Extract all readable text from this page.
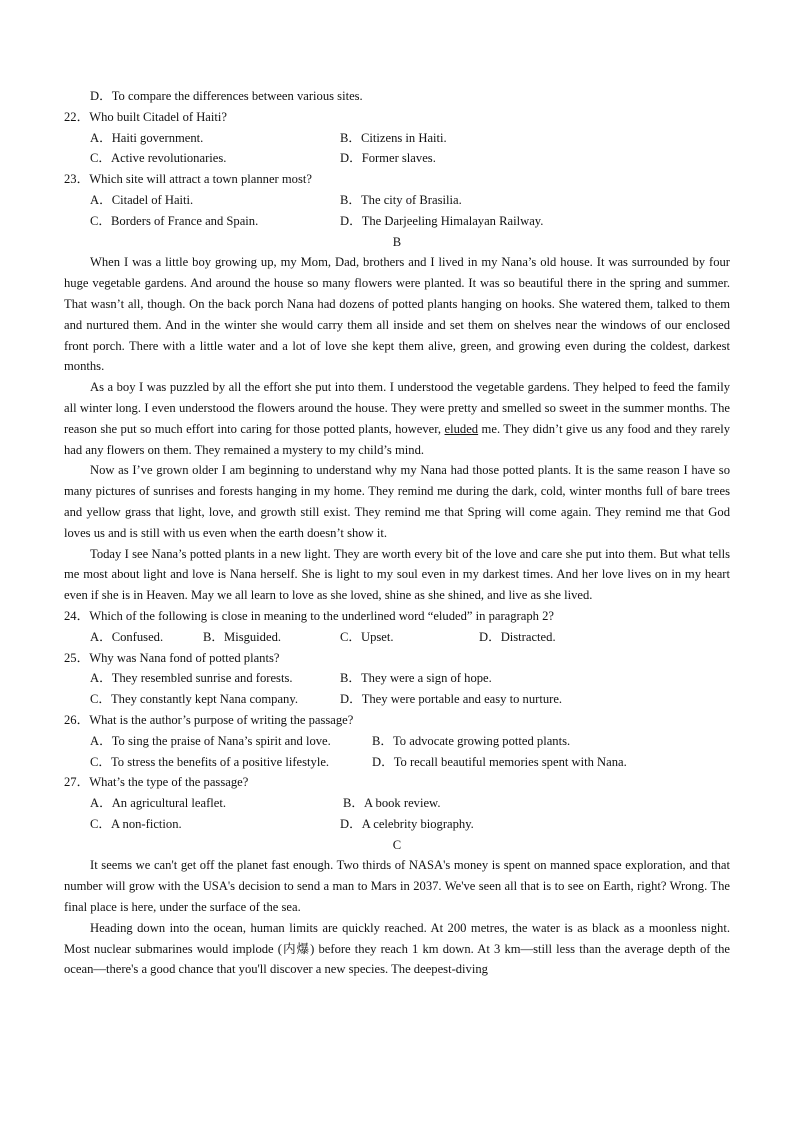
D．To compare the differences between various sites.
22．Who built Citadel of Haiti?
A．Haiti government.	B．Citizens in Haiti.
C．Active revolutionaries.	D．Former slaves.
23．Which site will attract a town planner most?
A．Citadel of Haiti.	B．The city of Brasilia.
C．Borders of France and Spain.	D．The Darjeeling Himalayan Railway.
B

When I was a little boy growing up, my Mom, Dad, brothers and I lived in my Nana’s old house. It was surrounded by four huge vegetable gardens. And around the house so many flowers were planted. It was so beautiful there in the spring and summer. That wasn’t all, though. On the back porch Nana had dozens of potted plants hanging on hooks. She watered them, talked to them and nurtured them. And in the winter she would carry them all inside and set them on shelves near the windows of our enclosed front porch. There with a little water and a lot of love she kept them alive, green, and growing even during the coldest, darkest months.

As a boy I was puzzled by all the effort she put into them. I understood the vegetable gardens. They helped to feed the family all winter long. I even understood the flowers around the house. They were pretty and smelled so sweet in the summer months. The reason she put so much effort into caring for those potted plants, however, eluded me. They didn’t give us any food and they rarely had any flowers on them. They remained a mystery to my child’s mind.

Now as I’ve grown older I am beginning to understand why my Nana had those potted plants. It is the same reason I have so many pictures of sunrises and forests hanging in my home. They remind me during the dark, cold, winter months full of bare trees and yellow grass that light, love, and growth still exist. They remind me that Spring will come again. They remind me that God loves us and is still with us even when the earth doesn’t show it.

Today I see Nana’s potted plants in a new light. They are worth every bit of the love and care she put into them. But what tells me most about light and love is Nana herself. She is light to my soul even in my darkest times. And her love lives on in my heart even if she is in Heaven. May we all learn to love as she loved, shine as she shined, and live as she lived.

24．Which of the following is close in meaning to the underlined word “eluded” in paragraph 2?
A．Confused.	B．Misguided.	C．Upset.	D．Distracted.
25．Why was Nana fond of potted plants?
A．They resembled sunrise and forests.	B．They were a sign of hope.
C．They constantly kept Nana company.	D．They were portable and easy to nurture.
26．What is the author’s purpose of writing the passage?
A．To sing the praise of Nana’s spirit and love.	B．To advocate growing potted plants.
C．To stress the benefits of a positive lifestyle.	D．To recall beautiful memories spent with Nana.
27．What’s the type of the passage?
A．An agricultural leaflet.	B．A book review.
C．A non-fiction.	D．A celebrity biography.
C

It seems we can't get off the planet fast enough. Two thirds of NASA's money is spent on manned space exploration, and that number will grow with the USA's decision to send a man to Mars in 2037. We've seen all that is to see on Earth, right? Wrong. The final place is here, under the surface of the sea.

Heading down into the ocean, human limits are quickly reached. At 200 metres, the water is as black as a moonless night. Most nuclear submarines would implode (内爆) before they reach 1 km down. At 3 km—still less than the average depth of the ocean—there's a good chance that you'll discover a new species. The deepest-diving
